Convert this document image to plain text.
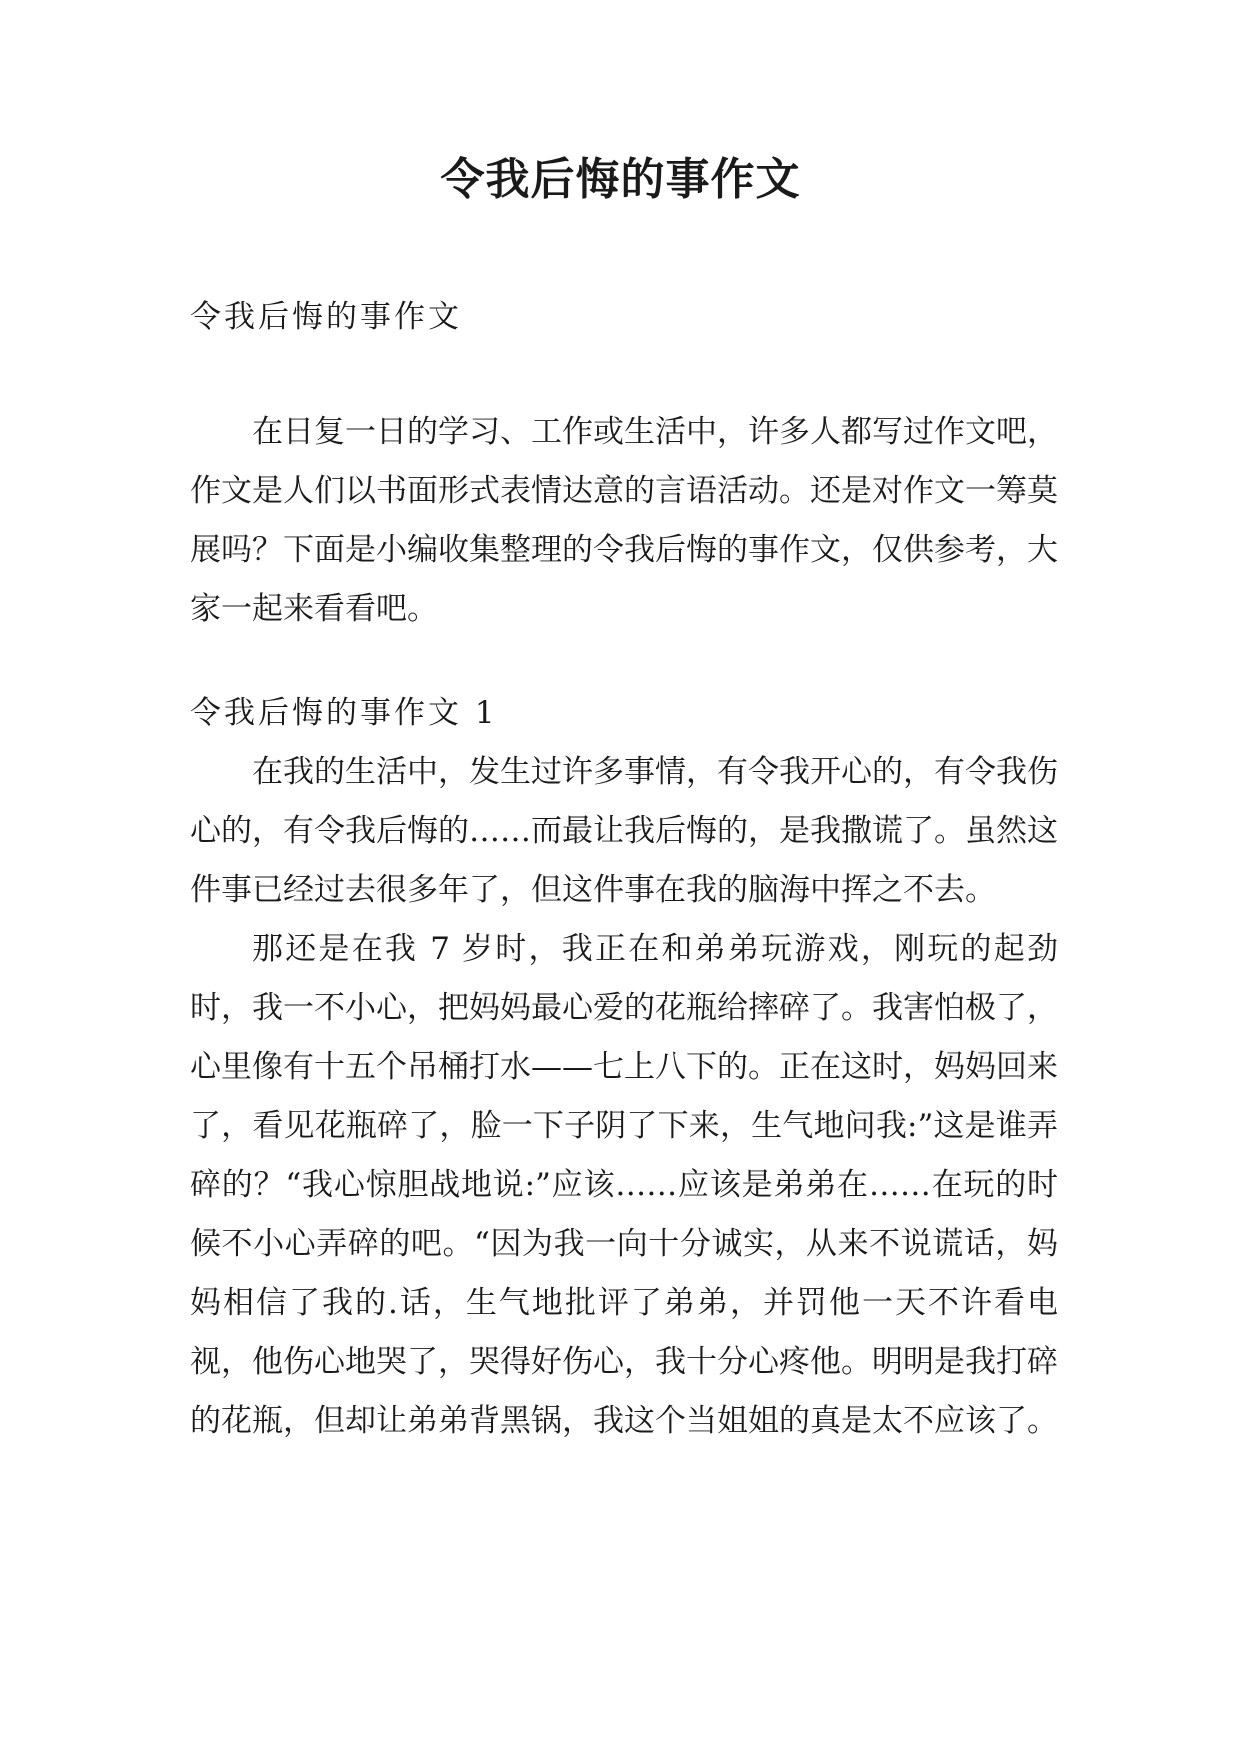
令我后悔的事作文

令我后悔的事作文

在日复一日的学习、工作或生活中，许多人都写过作文吧，作文是人们以书面形式表情达意的言语活动。还是对作文一筹莫展吗？下面是小编收集整理的令我后悔的事作文，仅供参考，大家一起来看看吧。

令我后悔的事作文 1

在我的生活中，发生过许多事情，有令我开心的，有令我伤心的，有令我后悔的……而最让我后悔的，是我撒谎了。虽然这件事已经过去很多年了，但这件事在我的脑海中挥之不去。

那还是在我 7 岁时，我正在和弟弟玩游戏，刚玩的起劲时，我一不小心，把妈妈最心爱的花瓶给摔碎了。我害怕极了，心里像有十五个吊桶打水——七上八下的。正在这时，妈妈回来了，看见花瓶碎了，脸一下子阴了下来，生气地问我:”这是谁弄碎的？“我心惊胆战地说:”应该……应该是弟弟在……在玩的时候不小心弄碎的吧。“因为我一向十分诚实，从来不说谎话，妈妈相信了我的.话，生气地批评了弟弟，并罚他一天不许看电视，他伤心地哭了，哭得好伤心，我十分心疼他。明明是我打碎的花瓶，但却让弟弟背黑锅，我这个当姐姐的真是太不应该了。
